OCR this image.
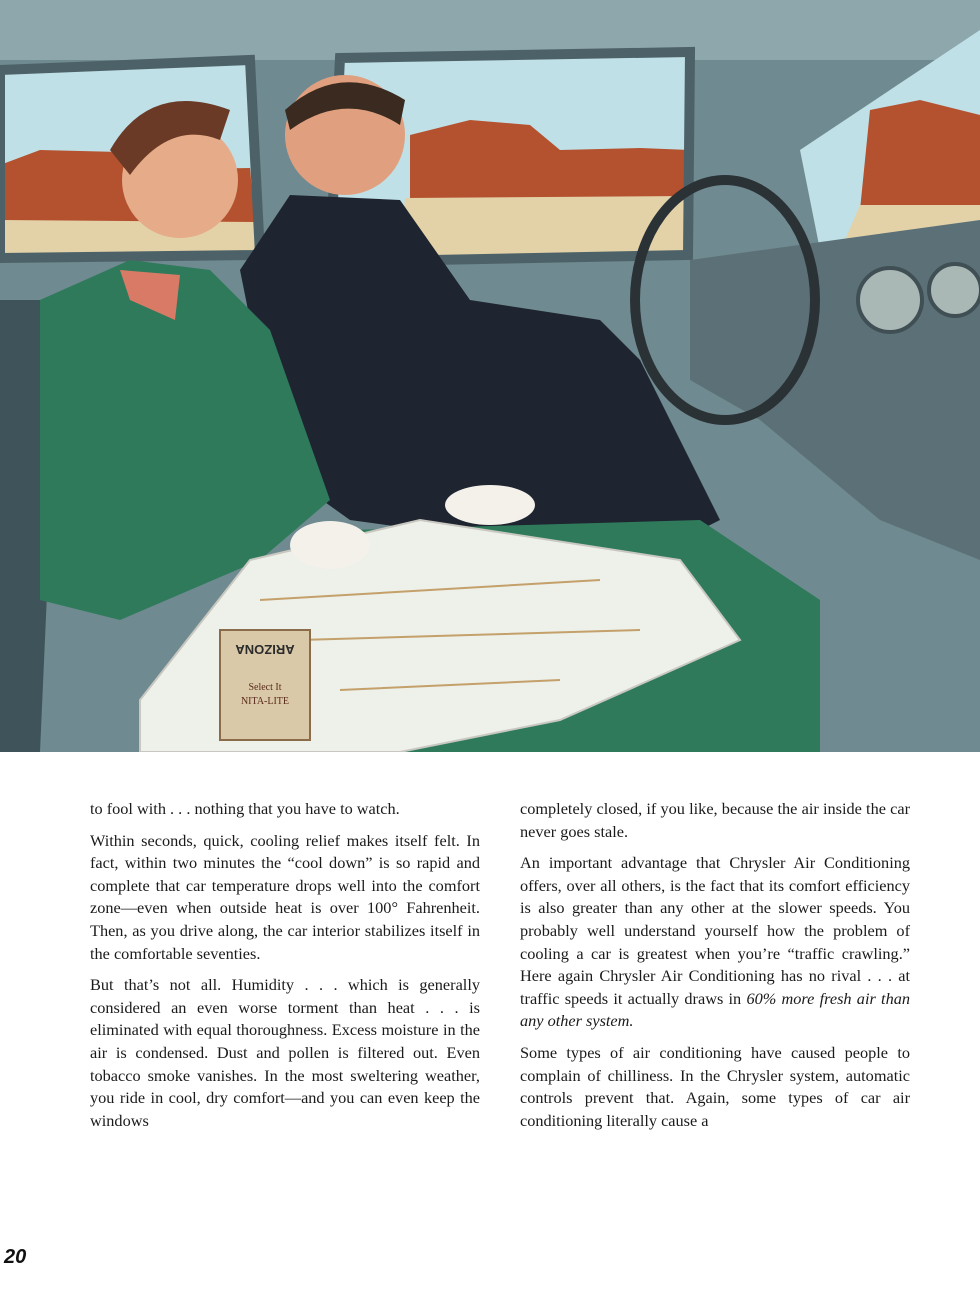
ARIZONA
Select It
NITA-LITE

to fool with . . . nothing that you have to watch.

Within seconds, quick, cooling relief makes itself felt. In fact, within two minutes the “cool down” is so rapid and complete that car temperature drops well into the comfort zone—even when outside heat is over 100° Fahrenheit. Then, as you drive along, the car interior stabilizes itself in the comfortable seventies.

But that’s not all. Humidity . . . which is generally considered an even worse torment than heat . . . is eliminated with equal thoroughness. Excess moisture in the air is condensed. Dust and pollen is filtered out. Even tobacco smoke vanishes. In the most sweltering weather, you ride in cool, dry comfort—and you can even keep the windows

completely closed, if you like, because the air inside the car never goes stale.

An important advantage that Chrysler Air Conditioning offers, over all others, is the fact that its comfort efficiency is also greater than any other at the slower speeds. You probably well understand yourself how the problem of cooling a car is greatest when you’re “traffic crawling.” Here again Chrysler Air Conditioning has no rival . . . at traffic speeds it actually draws in 60% more fresh air than any other system.

Some types of air conditioning have caused people to complain of chilliness. In the Chrysler system, automatic controls prevent that. Again, some types of car air conditioning literally cause a

20
